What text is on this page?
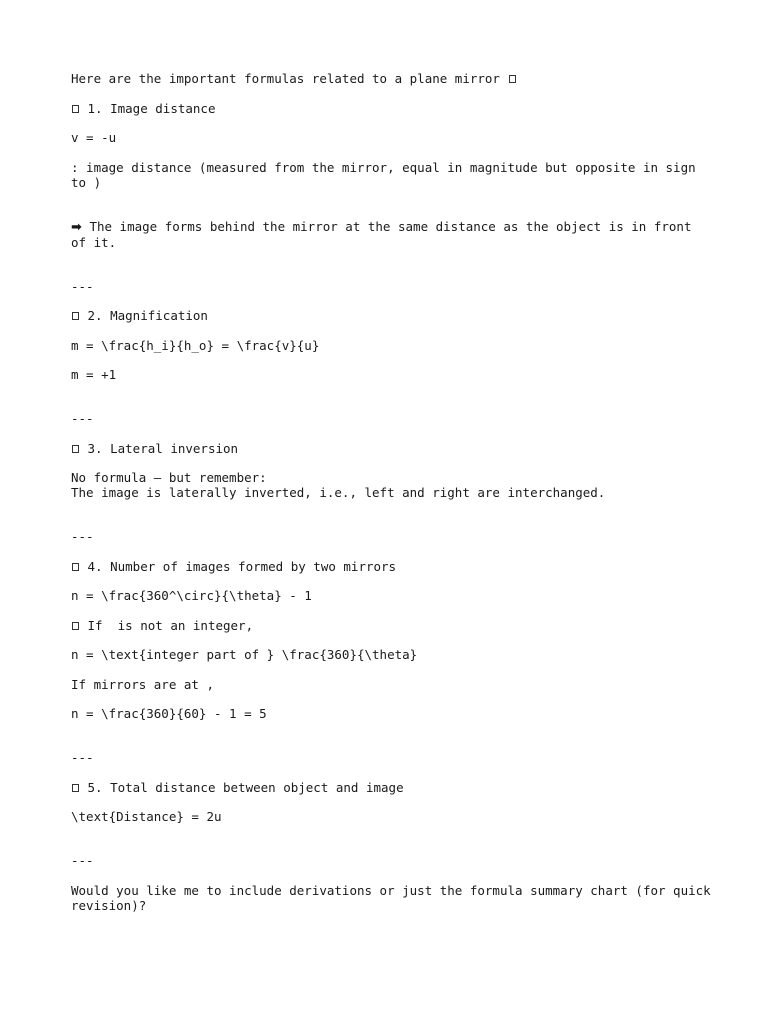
Here are the important formulas related to a plane mirror

1. Image distance

v = -u

: image distance (measured from the mirror, equal in magnitude but opposite in sign to )

➡ The image forms behind the mirror at the same distance as the object is in front of it.

---

2. Magnification

m = \frac{h_i}{h_o} = \frac{v}{u}

m = +1

---

3. Lateral inversion

No formula — but remember:
The image is laterally inverted, i.e., left and right are interchanged.

---

4. Number of images formed by two mirrors

n = \frac{360^\circ}{\theta} - 1

If  is not an integer,

n = \text{integer part of } \frac{360}{\theta}

If mirrors are at ,

n = \frac{360}{60} - 1 = 5

---

5. Total distance between object and image

\text{Distance} = 2u

---

Would you like me to include derivations or just the formula summary chart (for quick revision)?
